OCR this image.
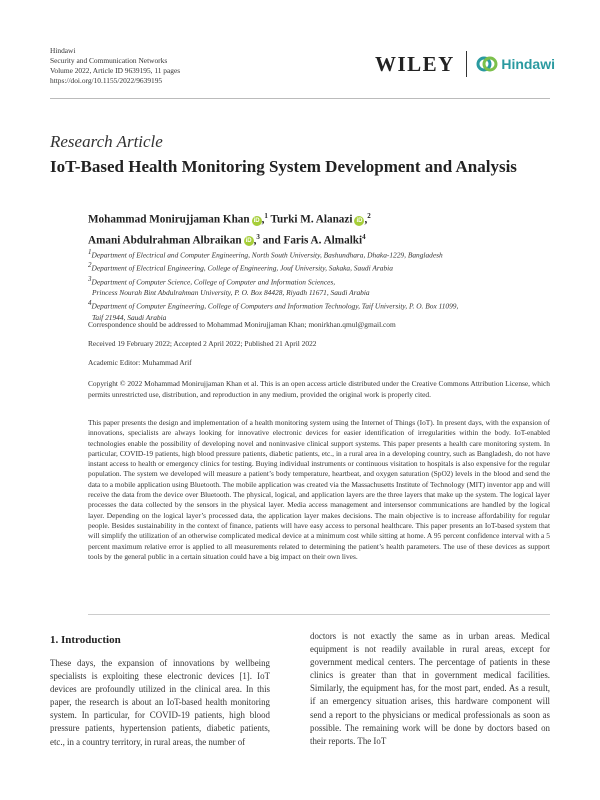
Hindawi
Security and Communication Networks
Volume 2022, Article ID 9639195, 11 pages
https://doi.org/10.1155/2022/9639195
WILEY	Hindawi
Research Article
IoT-Based Health Monitoring System Development and Analysis
Mohammad Monirujjaman Khan iD ,$^1$ Turki M. Alanazi iD ,$^2$
Amani Abdulrahman Albraikan iD ,$^3$ and Faris A. Almalki$^4$
$^1$Department of Electrical and Computer Engineering, North South University, Bashundhara, Dhaka-1229, Bangladesh
$^2$Department of Electrical Engineering, College of Engineering, Jouf University, Sakaka, Saudi Arabia
$^3$Department of Computer Science, College of Computer and Information Sciences,
Princess Nourah Bint Abdulrahman University, P. O. Box 84428, Riyadh 11671, Saudi Arabia
$^4$Department of Computer Engineering, College of Computers and Information Technology, Taif University, P. O. Box 11099,
Taif 21944, Saudi Arabia
Correspondence should be addressed to Mohammad Monirujjaman Khan; monirkhan.qmul@gmail.com
Received 19 February 2022; Accepted 2 April 2022; Published 21 April 2022
Academic Editor: Muhammad Arif
Copyright © 2022 Mohammad Monirujjaman Khan et al. This is an open access article distributed under the Creative Commons Attribution License, which permits unrestricted use, distribution, and reproduction in any medium, provided the original work is properly cited.
This paper presents the design and implementation of a health monitoring system using the Internet of Things (IoT). In present days, with the expansion of innovations, specialists are always looking for innovative electronic devices for easier identification of irregularities within the body. IoT-enabled technologies enable the possibility of developing novel and noninvasive clinical support systems. This paper presents a health care monitoring system. In particular, COVID-19 patients, high blood pressure patients, diabetic patients, etc., in a rural area in a developing country, such as Bangladesh, do not have instant access to health or emergency clinics for testing. Buying individual instruments or continuous visitation to hospitals is also expensive for the regular population. The system we developed will measure a patient’s body temperature, heartbeat, and oxygen saturation (SpO2) levels in the blood and send the data to a mobile application using Bluetooth. The mobile application was created via the Massachusetts Institute of Technology (MIT) inventor app and will receive the data from the device over Bluetooth. The physical, logical, and application layers are the three layers that make up the system. The logical layer processes the data collected by the sensors in the physical layer. Media access management and intersensor communications are handled by the logical layer. Depending on the logical layer’s processed data, the application layer makes decisions. The main objective is to increase affordability for regular people. Besides sustainability in the context of finance, patients will have easy access to personal healthcare. This paper presents an IoT-based system that will simplify the utilization of an otherwise complicated medical device at a minimum cost while sitting at home. A 95 percent confidence interval with a 5 percent maximum relative error is applied to all measurements related to determining the patient’s health parameters. The use of these devices as support tools by the general public in a certain situation could have a big impact on their own lives.
1. Introduction
These days, the expansion of innovations by wellbeing specialists is exploiting these electronic devices [1]. IoT devices are profoundly utilized in the clinical area. In this paper, the research is about an IoT-based health monitoring system. In particular, for COVID-19 patients, high blood pressure patients, hypertension patients, diabetic patients, etc., in a country territory, in rural areas, the number of
doctors is not exactly the same as in urban areas. Medical equipment is not readily available in rural areas, except for government medical centers. The percentage of patients in these clinics is greater than that in government medical facilities. Similarly, the equipment has, for the most part, ended. As a result, if an emergency situation arises, this hardware component will send a report to the physicians or medical professionals as soon as possible. The remaining work will be done by doctors based on their reports. The IoT
